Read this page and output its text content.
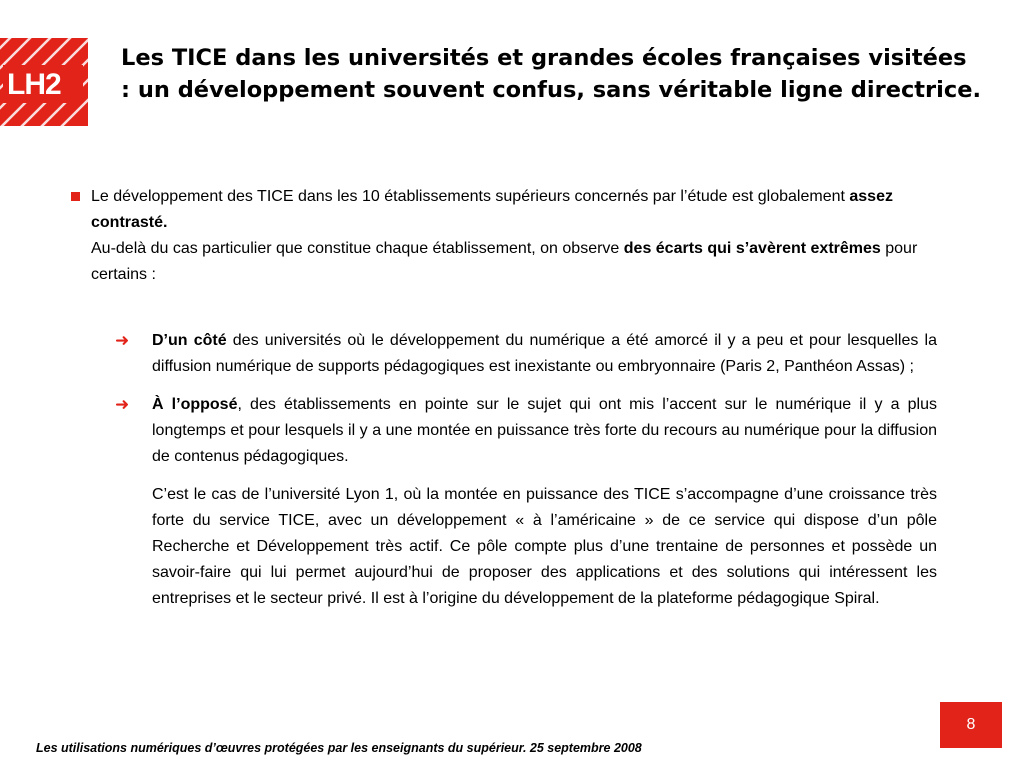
LH2
Les TICE dans les universités et grandes écoles françaises visitées : un développement souvent confus, sans véritable ligne directrice.
Le développement des TICE dans les 10 établissements supérieurs concernés par l’étude est globalement assez contrasté.
Au-delà du cas particulier que constitue chaque établissement, on observe des écarts qui s’avèrent extrêmes pour certains :
➜ D’un côté des universités où le développement du numérique a été amorcé il y a peu et pour lesquelles la diffusion numérique de supports pédagogiques est inexistante ou embryonnaire (Paris 2, Panthéon Assas) ;
➜ À l’opposé, des établissements en pointe sur le sujet qui ont mis l’accent sur le numérique il y a plus longtemps et pour lesquels il y a une montée en puissance très forte du recours au numérique pour la diffusion de contenus pédagogiques.
C’est le cas de l’université Lyon 1, où la montée en puissance des TICE s’accompagne d’une croissance très forte du service TICE, avec un développement « à l’américaine » de ce service qui dispose d’un pôle Recherche et Développement très actif. Ce pôle compte plus d’une trentaine de personnes et possède un savoir-faire qui lui permet aujourd’hui de proposer des applications et des solutions qui intéressent les entreprises et le secteur privé. Il est à l’origine du développement de la plateforme pédagogique Spiral.
Les utilisations numériques d’œuvres protégées par les enseignants du supérieur. 25 septembre 2008
8
